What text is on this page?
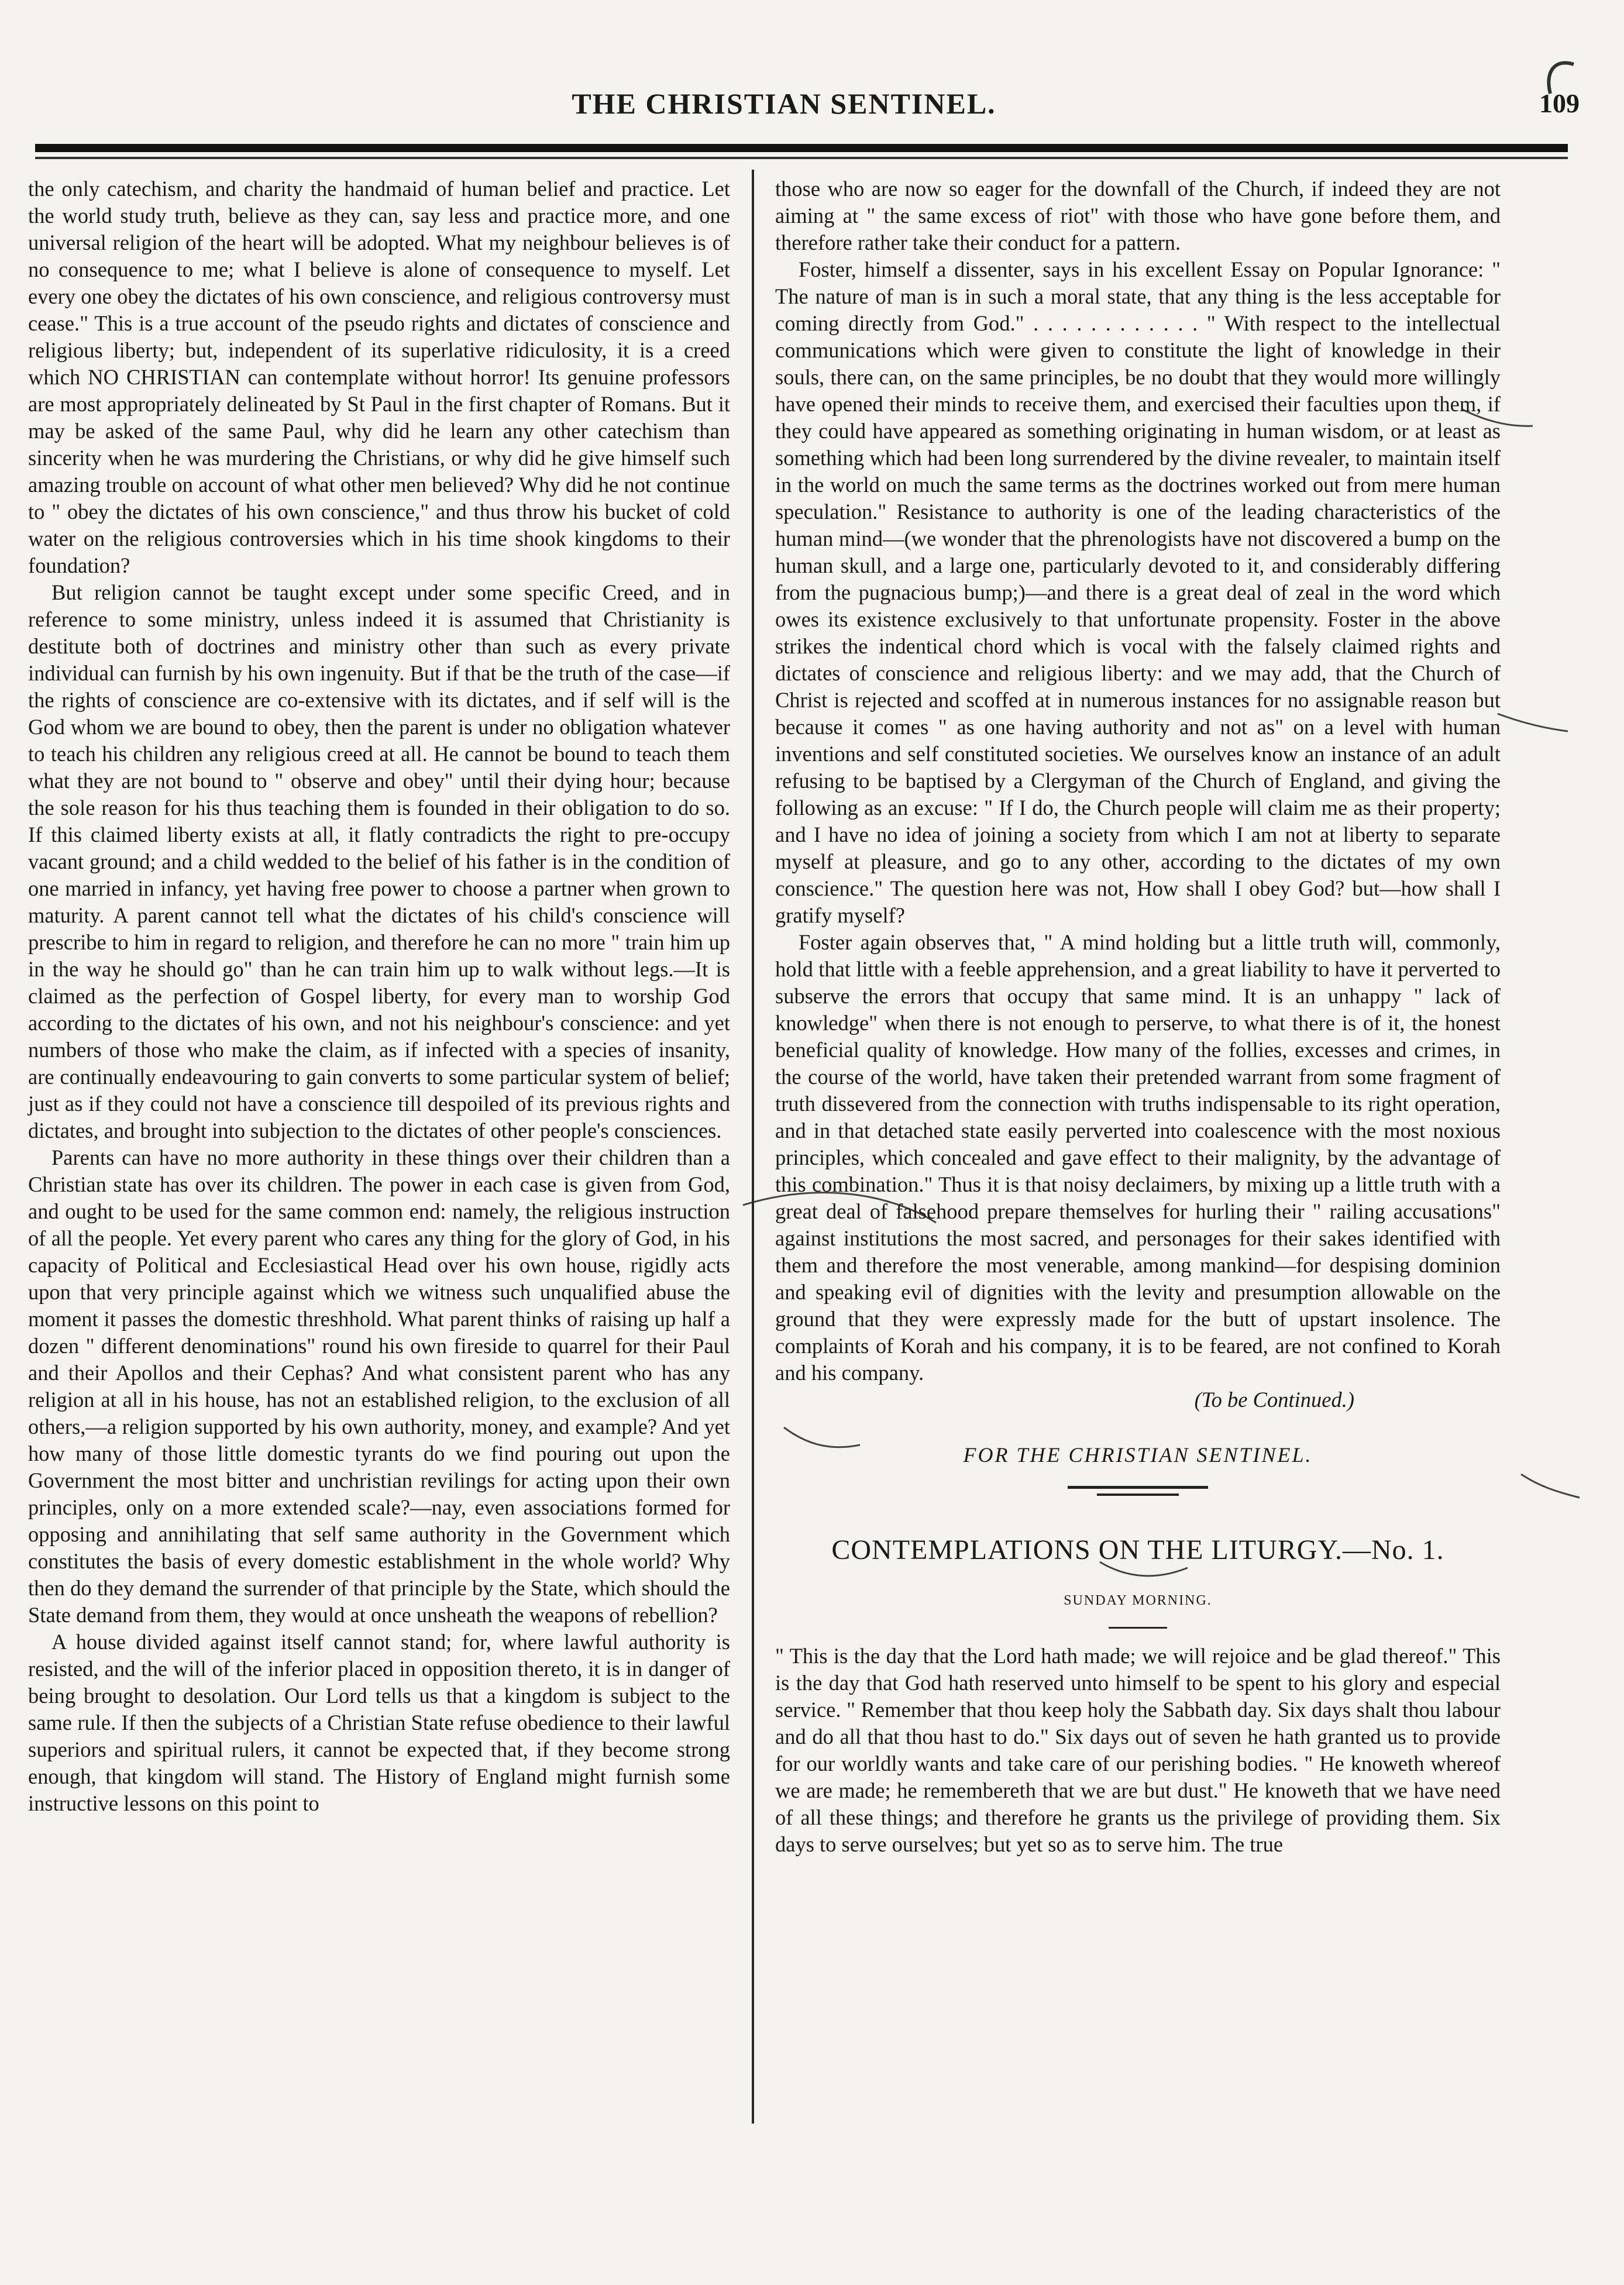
THE CHRISTIAN SENTINEL.	109

the only catechism, and charity the handmaid of human belief and practice. Let the world study truth, believe as they can, say less and practice more, and one universal religion of the heart will be adopted. What my neighbour believes is of no consequence to me; what I believe is alone of consequence to myself. Let every one obey the dictates of his own conscience, and religious controversy must cease." This is a true account of the pseudo rights and dictates of conscience and religious liberty; but, independent of its superlative ridiculosity, it is a creed which NO CHRISTIAN can contemplate without horror! Its genuine professors are most appropriately delineated by St Paul in the first chapter of Romans. But it may be asked of the same Paul, why did he learn any other catechism than sincerity when he was murdering the Christians, or why did he give himself such amazing trouble on account of what other men believed? Why did he not continue to " obey the dictates of his own conscience," and thus throw his bucket of cold water on the religious controversies which in his time shook kingdoms to their foundation?

But religion cannot be taught except under some specific Creed, and in reference to some ministry, unless indeed it is assumed that Christianity is destitute both of doctrines and ministry other than such as every private individual can furnish by his own ingenuity. But if that be the truth of the case—if the rights of conscience are co-extensive with its dictates, and if self will is the God whom we are bound to obey, then the parent is under no obligation whatever to teach his children any religious creed at all. He cannot be bound to teach them what they are not bound to " observe and obey" until their dying hour; because the sole reason for his thus teaching them is founded in their obligation to do so. If this claimed liberty exists at all, it flatly contradicts the right to pre-occupy vacant ground; and a child wedded to the belief of his father is in the condition of one married in infancy, yet having free power to choose a partner when grown to maturity. A parent cannot tell what the dictates of his child's conscience will prescribe to him in regard to religion, and therefore he can no more " train him up in the way he should go" than he can train him up to walk without legs.—It is claimed as the perfection of Gospel liberty, for every man to worship God according to the dictates of his own, and not his neighbour's conscience: and yet numbers of those who make the claim, as if infected with a species of insanity, are continually endeavouring to gain converts to some particular system of belief; just as if they could not have a conscience till despoiled of its previous rights and dictates, and brought into subjection to the dictates of other people's consciences.

Parents can have no more authority in these things over their children than a Christian state has over its children. The power in each case is given from God, and ought to be used for the same common end: namely, the religious instruction of all the people. Yet every parent who cares any thing for the glory of God, in his capacity of Political and Ecclesiastical Head over his own house, rigidly acts upon that very principle against which we witness such unqualified abuse the moment it passes the domestic threshhold. What parent thinks of raising up half a dozen " different denominations" round his own fireside to quarrel for their Paul and their Apollos and their Cephas? And what consistent parent who has any religion at all in his house, has not an established religion, to the exclusion of all others,—a religion supported by his own authority, money, and example? And yet how many of those little domestic tyrants do we find pouring out upon the Government the most bitter and unchristian revilings for acting upon their own principles, only on a more extended scale?—nay, even associations formed for opposing and annihilating that self same authority in the Government which constitutes the basis of every domestic establishment in the whole world? Why then do they demand the surrender of that principle by the State, which should the State demand from them, they would at once unsheath the weapons of rebellion?

A house divided against itself cannot stand; for, where lawful authority is resisted, and the will of the inferior placed in opposition thereto, it is in danger of being brought to desolation. Our Lord tells us that a kingdom is subject to the same rule. If then the subjects of a Christian State refuse obedience to their lawful superiors and spiritual rulers, it cannot be expected that, if they become strong enough, that kingdom will stand. The History of England might furnish some instructive lessons on this point to

those who are now so eager for the downfall of the Church, if indeed they are not aiming at " the same excess of riot" with those who have gone before them, and therefore rather take their conduct for a pattern.

Foster, himself a dissenter, says in his excellent Essay on Popular Ignorance: " The nature of man is in such a moral state, that any thing is the less acceptable for coming directly from God." . . . . . . . . . . . . " With respect to the intellectual communications which were given to constitute the light of knowledge in their souls, there can, on the same principles, be no doubt that they would more willingly have opened their minds to receive them, and exercised their faculties upon them, if they could have appeared as something originating in human wisdom, or at least as something which had been long surrendered by the divine revealer, to maintain itself in the world on much the same terms as the doctrines worked out from mere human speculation." Resistance to authority is one of the leading characteristics of the human mind—(we wonder that the phrenologists have not discovered a bump on the human skull, and a large one, particularly devoted to it, and considerably differing from the pugnacious bump;)—and there is a great deal of zeal in the word which owes its existence exclusively to that unfortunate propensity. Foster in the above strikes the indentical chord which is vocal with the falsely claimed rights and dictates of conscience and religious liberty: and we may add, that the Church of Christ is rejected and scoffed at in numerous instances for no assignable reason but because it comes " as one having authority and not as" on a level with human inventions and self constituted societies. We ourselves know an instance of an adult refusing to be baptised by a Clergyman of the Church of England, and giving the following as an excuse: " If I do, the Church people will claim me as their property; and I have no idea of joining a society from which I am not at liberty to separate myself at pleasure, and go to any other, according to the dictates of my own conscience." The question here was not, How shall I obey God? but—how shall I gratify myself?

Foster again observes that, " A mind holding but a little truth will, commonly, hold that little with a feeble apprehension, and a great liability to have it perverted to subserve the errors that occupy that same mind. It is an unhappy " lack of knowledge" when there is not enough to perserve, to what there is of it, the honest beneficial quality of knowledge. How many of the follies, excesses and crimes, in the course of the world, have taken their pretended warrant from some fragment of truth dissevered from the connection with truths indispensable to its right operation, and in that detached state easily perverted into coalescence with the most noxious principles, which concealed and gave effect to their malignity, by the advantage of this combination." Thus it is that noisy declaimers, by mixing up a little truth with a great deal of falsehood prepare themselves for hurling their " railing accusations" against institutions the most sacred, and personages for their sakes identified with them and therefore the most venerable, among mankind—for despising dominion and speaking evil of dignities with the levity and presumption allowable on the ground that they were expressly made for the butt of upstart insolence. The complaints of Korah and his company, it is to be feared, are not confined to Korah and his company.

(To be Continued.)

FOR THE CHRISTIAN SENTINEL.
CONTEMPLATIONS ON THE LITURGY.—No. 1.
SUNDAY MORNING.

" This is the day that the Lord hath made; we will rejoice and be glad thereof." This is the day that God hath reserved unto himself to be spent to his glory and especial service. " Remember that thou keep holy the Sabbath day. Six days shalt thou labour and do all that thou hast to do." Six days out of seven he hath granted us to provide for our worldly wants and take care of our perishing bodies. " He knoweth whereof we are made; he remembereth that we are but dust." He knoweth that we have need of all these things; and therefore he grants us the privilege of providing them. Six days to serve ourselves; but yet so as to serve him. The true
